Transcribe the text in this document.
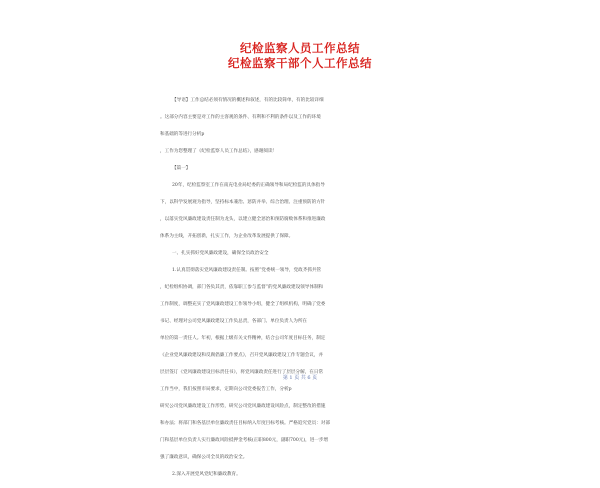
纪检监察人员工作总结
纪检监察干部个人工作总结

【导语】工作总结必须有情况的概述和叙述，有的比较简单，有的比较详细

。这部分内容主要是对工作的主客观的条件、有利和不利的条件以及工作的环境

和基础的等进行分析p

，工作为您整理了《纪检监察人员工作总结》，感谢阅读！

【篇一】

20年，纪检监察室工作在南充电业局纪委的正确领导和局纪检监的具体指导

下，以科学发展观为指导，坚持标本兼治、惩防并举、综合治理、注重预防的方针

，以落实党风廉政建设责任制为龙头，以建立健全惩治和预防腐败体系和推进廉政

体系为主线，开拓创新，扎实工作，为企业改革发展提供了保障。

一、扎实抓好党风廉政建设，确保全员政治安全

1.认真贯彻落实党风廉政建设责任制。按照“党委统一领导，党政齐抓共管

，纪检组织协调，部门各负其责，依靠职工参与监督”的党风廉政建设领导体制和

工作制度，调整充实了党风廉政建设工作领导小组，健全了组织机构，明确了党委

书记、经理对公司党风廉政建设工作负总责，各部门、单位负责人为所在

单位的第一责任人。年初，根据上级有关文件精神，结合公司年度目标任务，制定

《企业党风廉政建设和反腐倡廉工作要点》，召开党风廉政建设工作专题会议，并

层层签订《党风廉政建设目标责任书》，将党风廉政责任进行了层层分解，在日常

工作当中，我们按照市局要求，定期向公司党委报告工作，分析p

研究公司党风廉政建设工作形势，研究公司党风廉政建设风险点，制定整改的措施

和办法；将部门和各基层单位廉政责任目标纳入年度目标考核。严格追究党员：对部

门和基层单位负责人实行廉政风险抵押金考核(正职800元，副职700元)，进一步增

强了廉政意识，确保公司全员的政治安全。

2.深入开展党风党纪和廉政教育。

第 1 页 共 6 页
